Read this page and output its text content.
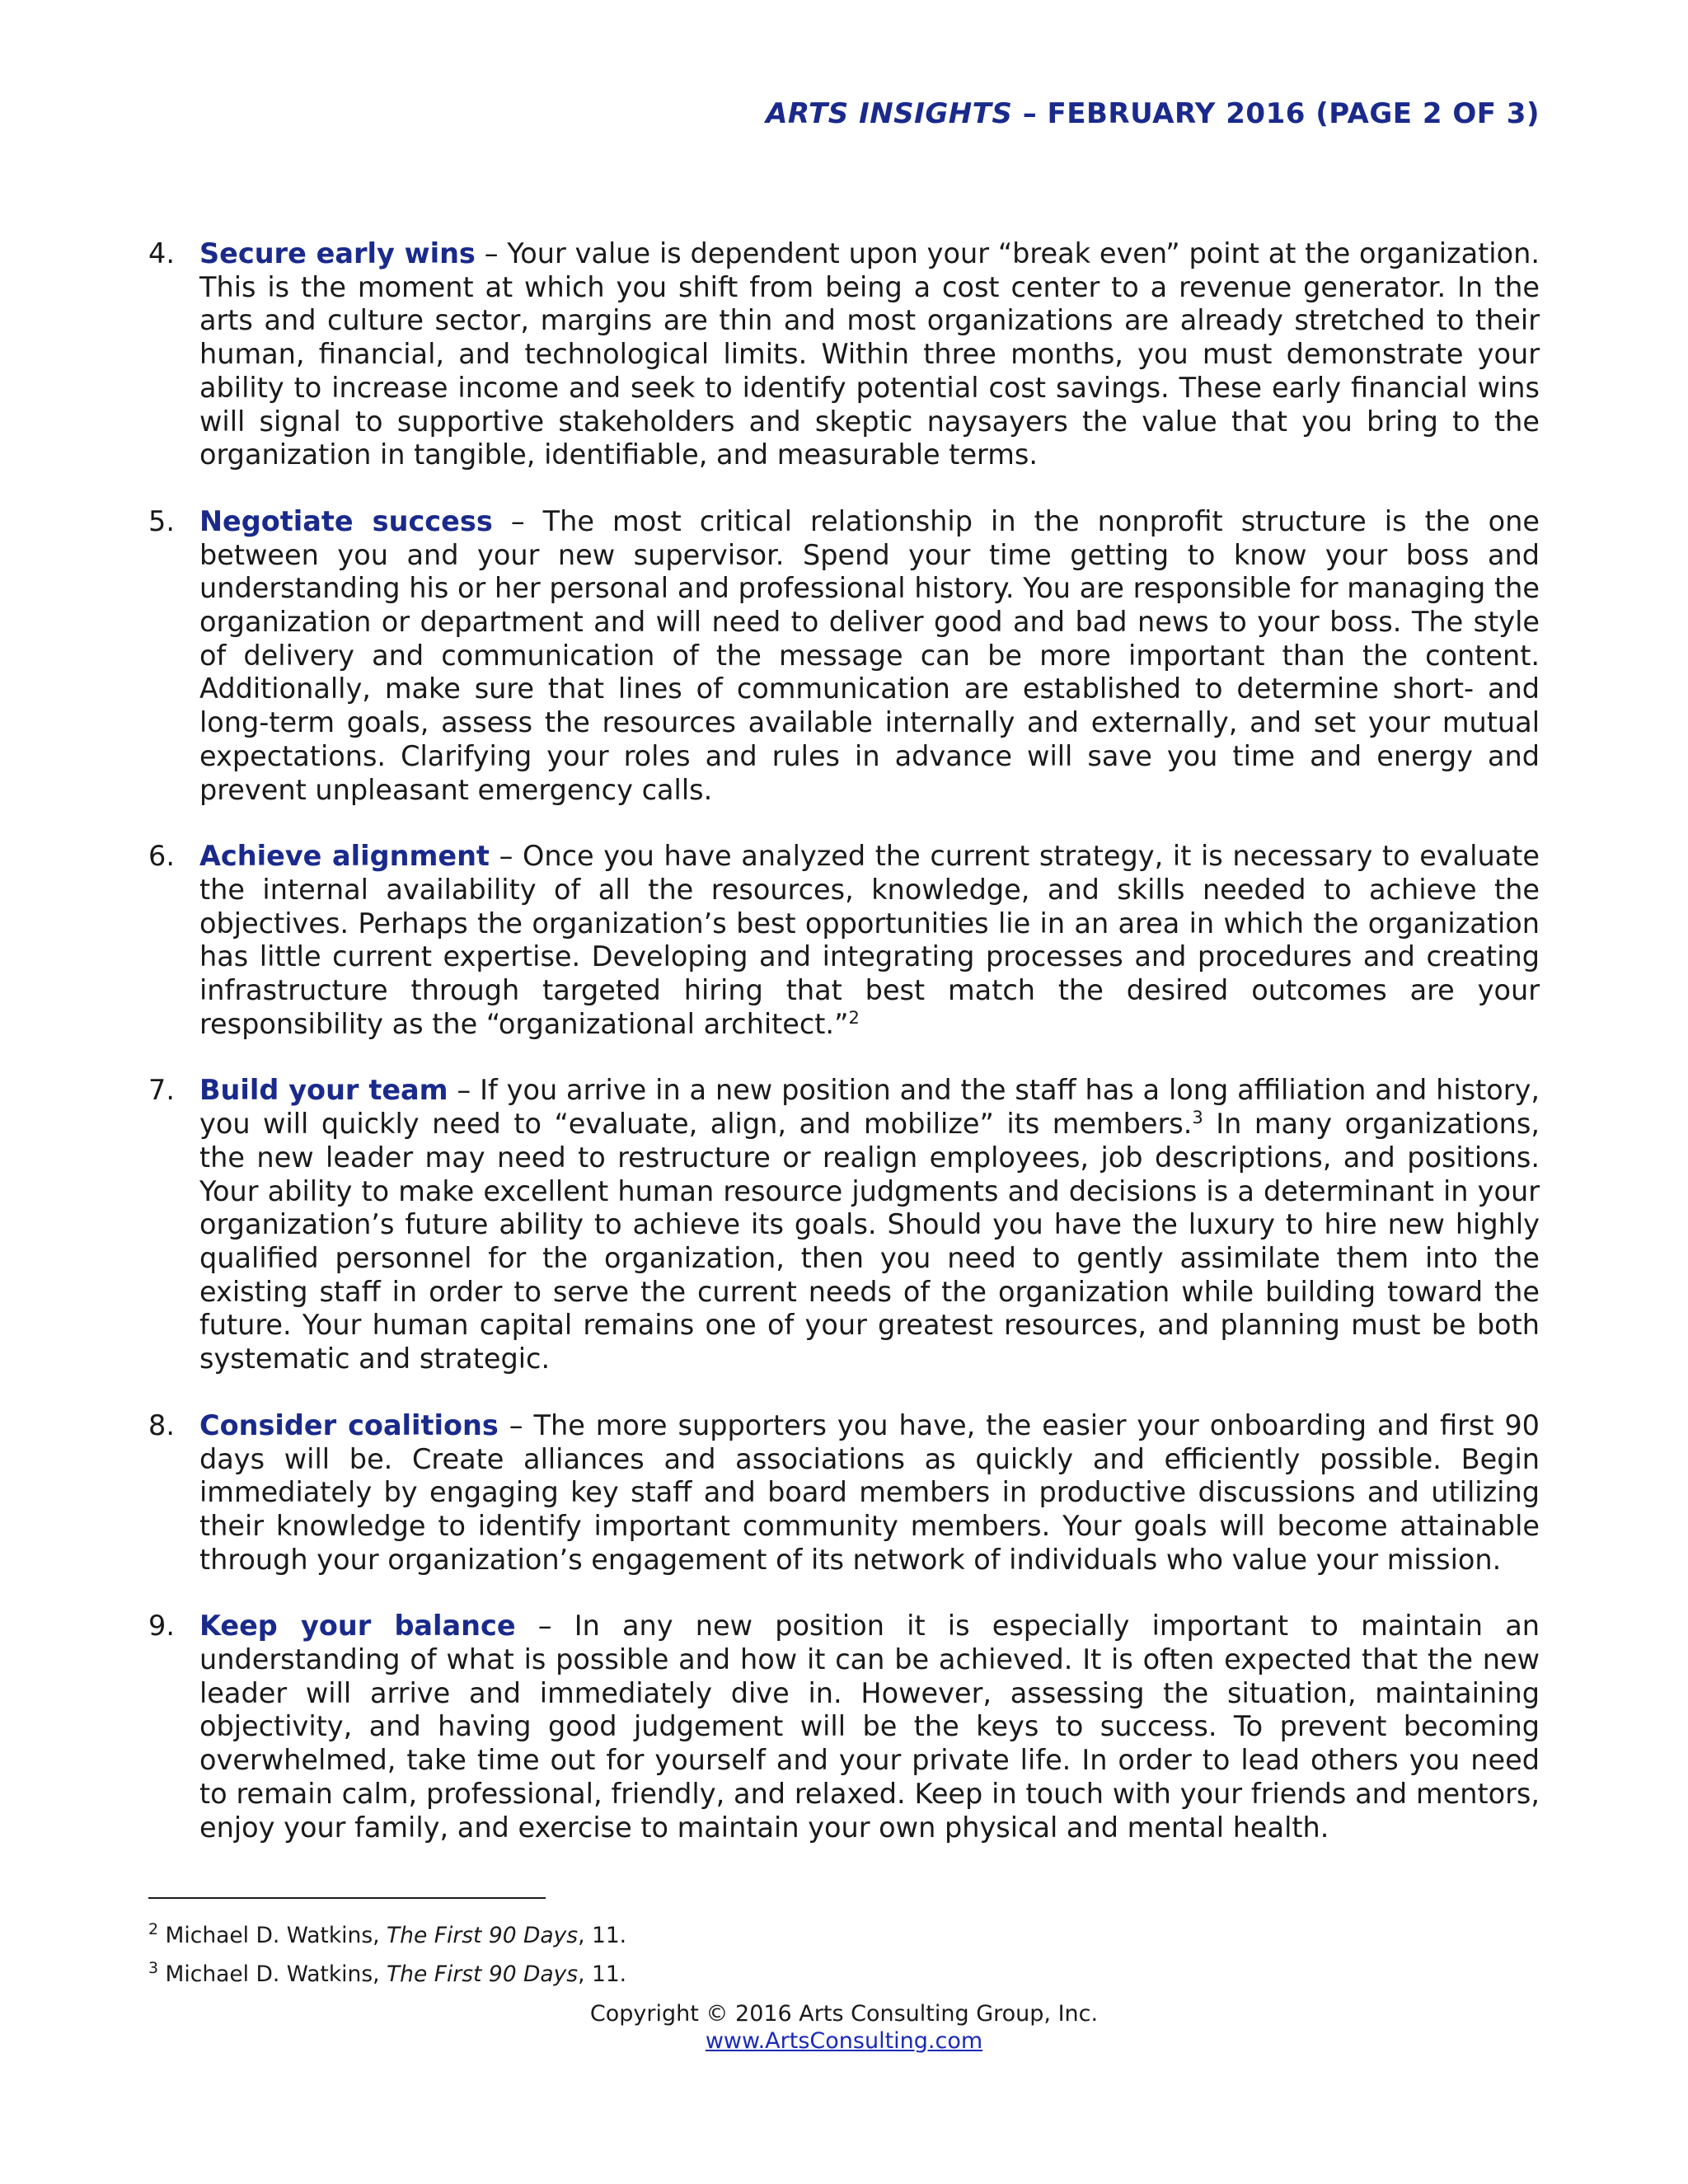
ARTS INSIGHTS – FEBRUARY 2016 (PAGE 2 OF 3)
4. Secure early wins – Your value is dependent upon your “break even” point at the organization. This is the moment at which you shift from being a cost center to a revenue generator. In the arts and culture sector, margins are thin and most organizations are already stretched to their human, financial, and technological limits. Within three months, you must demonstrate your ability to increase income and seek to identify potential cost savings. These early financial wins will signal to supportive stakeholders and skeptic naysayers the value that you bring to the organization in tangible, identifiable, and measurable terms.
5. Negotiate success – The most critical relationship in the nonprofit structure is the one between you and your new supervisor. Spend your time getting to know your boss and understanding his or her personal and professional history. You are responsible for managing the organization or department and will need to deliver good and bad news to your boss. The style of delivery and communication of the message can be more important than the content. Additionally, make sure that lines of communication are established to determine short- and long-term goals, assess the resources available internally and externally, and set your mutual expectations. Clarifying your roles and rules in advance will save you time and energy and prevent unpleasant emergency calls.
6. Achieve alignment – Once you have analyzed the current strategy, it is necessary to evaluate the internal availability of all the resources, knowledge, and skills needed to achieve the objectives. Perhaps the organization’s best opportunities lie in an area in which the organization has little current expertise. Developing and integrating processes and procedures and creating infrastructure through targeted hiring that best match the desired outcomes are your responsibility as the “organizational architect.”$^2$
7. Build your team – If you arrive in a new position and the staff has a long affiliation and history, you will quickly need to “evaluate, align, and mobilize” its members.$^3$ In many organizations, the new leader may need to restructure or realign employees, job descriptions, and positions. Your ability to make excellent human resource judgments and decisions is a determinant in your organization’s future ability to achieve its goals. Should you have the luxury to hire new highly qualified personnel for the organization, then you need to gently assimilate them into the existing staff in order to serve the current needs of the organization while building toward the future. Your human capital remains one of your greatest resources, and planning must be both systematic and strategic.
8. Consider coalitions – The more supporters you have, the easier your onboarding and first 90 days will be. Create alliances and associations as quickly and efficiently possible. Begin immediately by engaging key staff and board members in productive discussions and utilizing their knowledge to identify important community members. Your goals will become attainable through your organization’s engagement of its network of individuals who value your mission.
9. Keep your balance – In any new position it is especially important to maintain an understanding of what is possible and how it can be achieved. It is often expected that the new leader will arrive and immediately dive in. However, assessing the situation, maintaining objectivity, and having good judgement will be the keys to success. To prevent becoming overwhelmed, take time out for yourself and your private life. In order to lead others you need to remain calm, professional, friendly, and relaxed. Keep in touch with your friends and mentors, enjoy your family, and exercise to maintain your own physical and mental health.
$^2$ Michael D. Watkins, The First 90 Days, 11.
$^3$ Michael D. Watkins, The First 90 Days, 11.
Copyright © 2016 Arts Consulting Group, Inc.
www.ArtsConsulting.com
